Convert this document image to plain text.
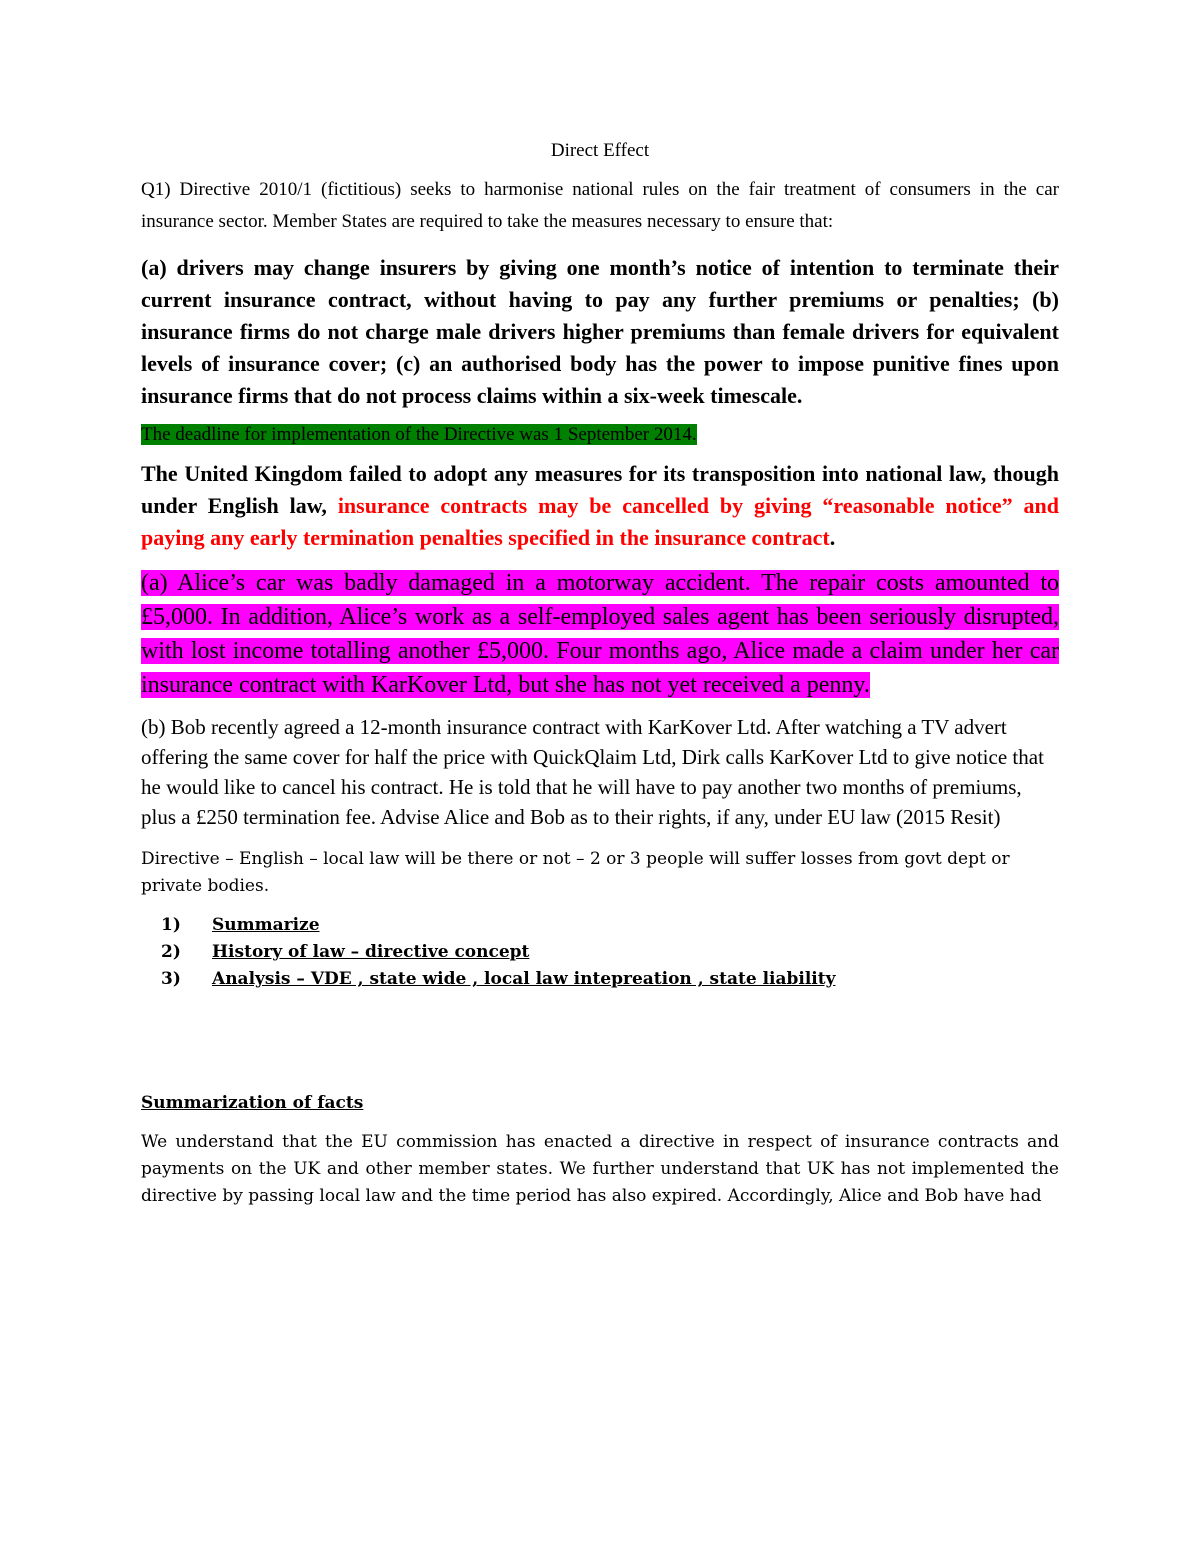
Direct Effect

Q1) Directive 2010/1 (fictitious) seeks to harmonise national rules on the fair treatment of consumers in the car insurance sector. Member States are required to take the measures necessary to ensure that:

(a) drivers may change insurers by giving one month’s notice of intention to terminate their current insurance contract, without having to pay any further premiums or penalties; (b) insurance firms do not charge male drivers higher premiums than female drivers for equivalent levels of insurance cover; (c) an authorised body has the power to impose punitive fines upon insurance firms that do not process claims within a six-week timescale.

The deadline for implementation of the Directive was 1 September 2014.

The United Kingdom failed to adopt any measures for its transposition into national law, though under English law, insurance contracts may be cancelled by giving “reasonable notice” and paying any early termination penalties specified in the insurance contract.

(a) Alice’s car was badly damaged in a motorway accident. The repair costs amounted to £5,000. In addition, Alice’s work as a self-employed sales agent has been seriously disrupted, with lost income totalling another £5,000. Four months ago, Alice made a claim under her car insurance contract with KarKover Ltd, but she has not yet received a penny.

(b) Bob recently agreed a 12-month insurance contract with KarKover Ltd. After watching a TV advert offering the same cover for half the price with QuickQlaim Ltd, Dirk calls KarKover Ltd to give notice that he would like to cancel his contract. He is told that he will have to pay another two months of premiums, plus a £250 termination fee. Advise Alice and Bob as to their rights, if any, under EU law (2015 Resit)

Directive – English – local law will be there or not – 2 or 3 people will suffer losses from govt dept or private bodies.

1) Summarize
2) History of law – directive concept
3) Analysis – VDE , state wide , local law intepreation , state liability

Summarization of facts

We understand that the EU commission has enacted a directive in respect of insurance contracts and payments on the UK and other member states. We further understand that UK has not implemented the directive by passing local law and the time period has also expired. Accordingly, Alice and Bob have had
